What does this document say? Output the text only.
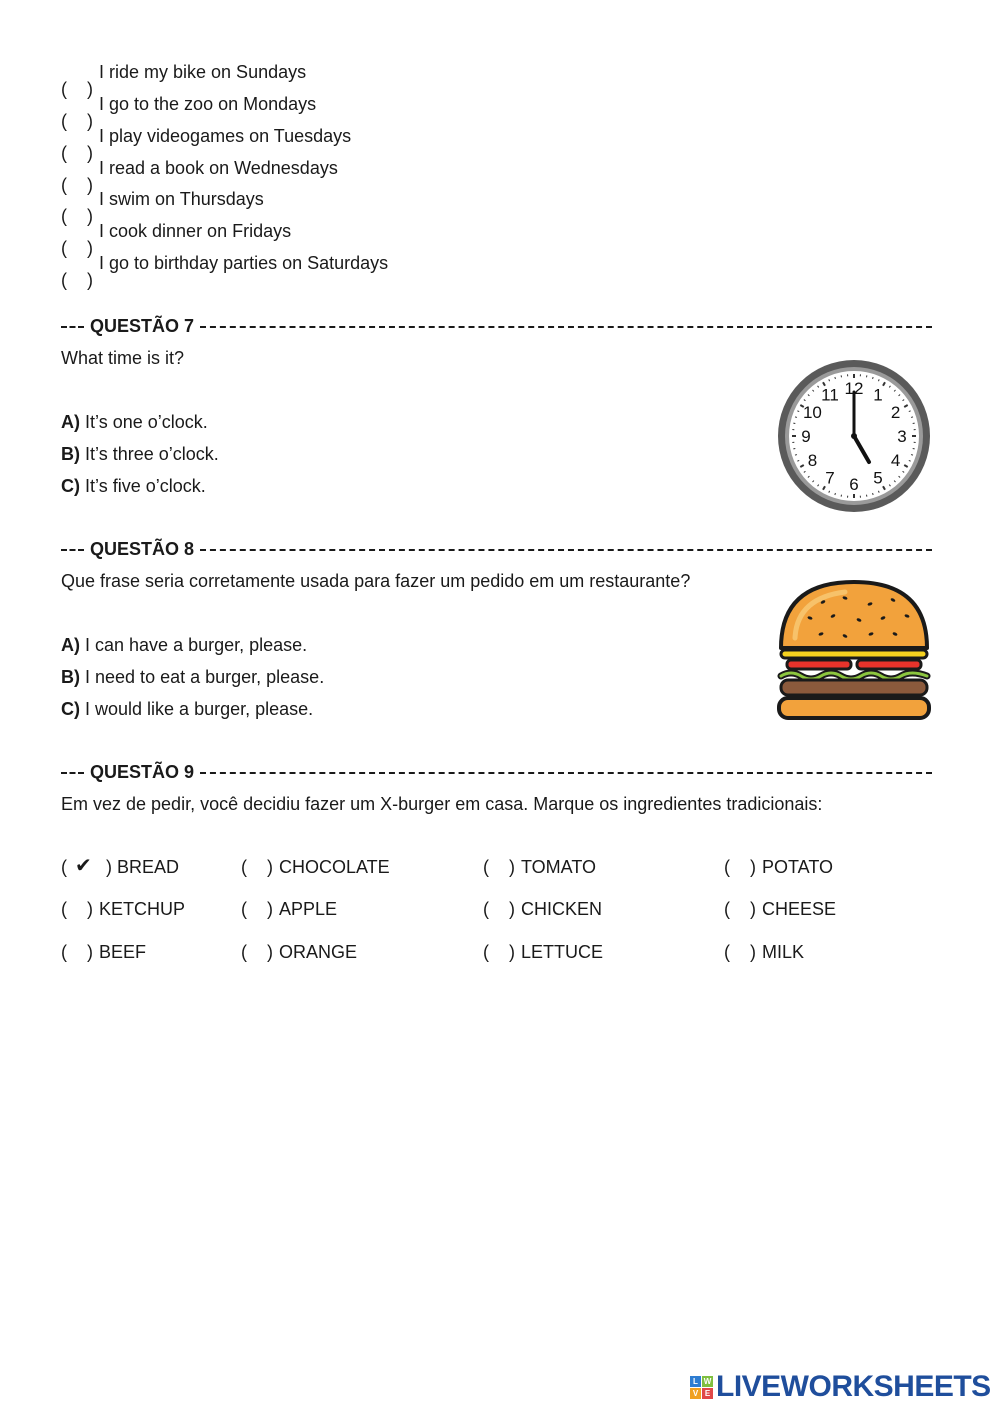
( )
I ride my bike on Sundays
( )
I go to the zoo on Mondays
( )
I play videogames on Tuesdays
( )
I read a book on Wednesdays
( )
I swim on Thursdays
( )
I cook dinner on Fridays
( )
I go to birthday parties on Saturdays
QUESTÃO 7
What time is it?
A) It’s one o’clock.
B) It’s three o’clock.
C) It’s five o’clock.
12 1
2
3
4
5
6
7
8
9
10
11
QUESTÃO 8
Que frase seria corretamente usada para fazer um pedido em um restaurante?
A) I can have a burger, please.
B) I need to eat a burger, please.
C) I would like a burger, please.
QUESTÃO 9
Em vez de pedir, você decidiu fazer um X-burger em casa. Marque os ingredientes tradicionais:
( ✔ ) BREAD	( ) CHOCOLATE	( ) TOMATO	( ) POTATO
( ) KETCHUP	( ) APPLE	( ) CHICKEN	( ) CHEESE
( ) BEEF	( ) ORANGE	( ) LETTUCE	( ) MILK
L W
V E LIVEWORKSHEETS
